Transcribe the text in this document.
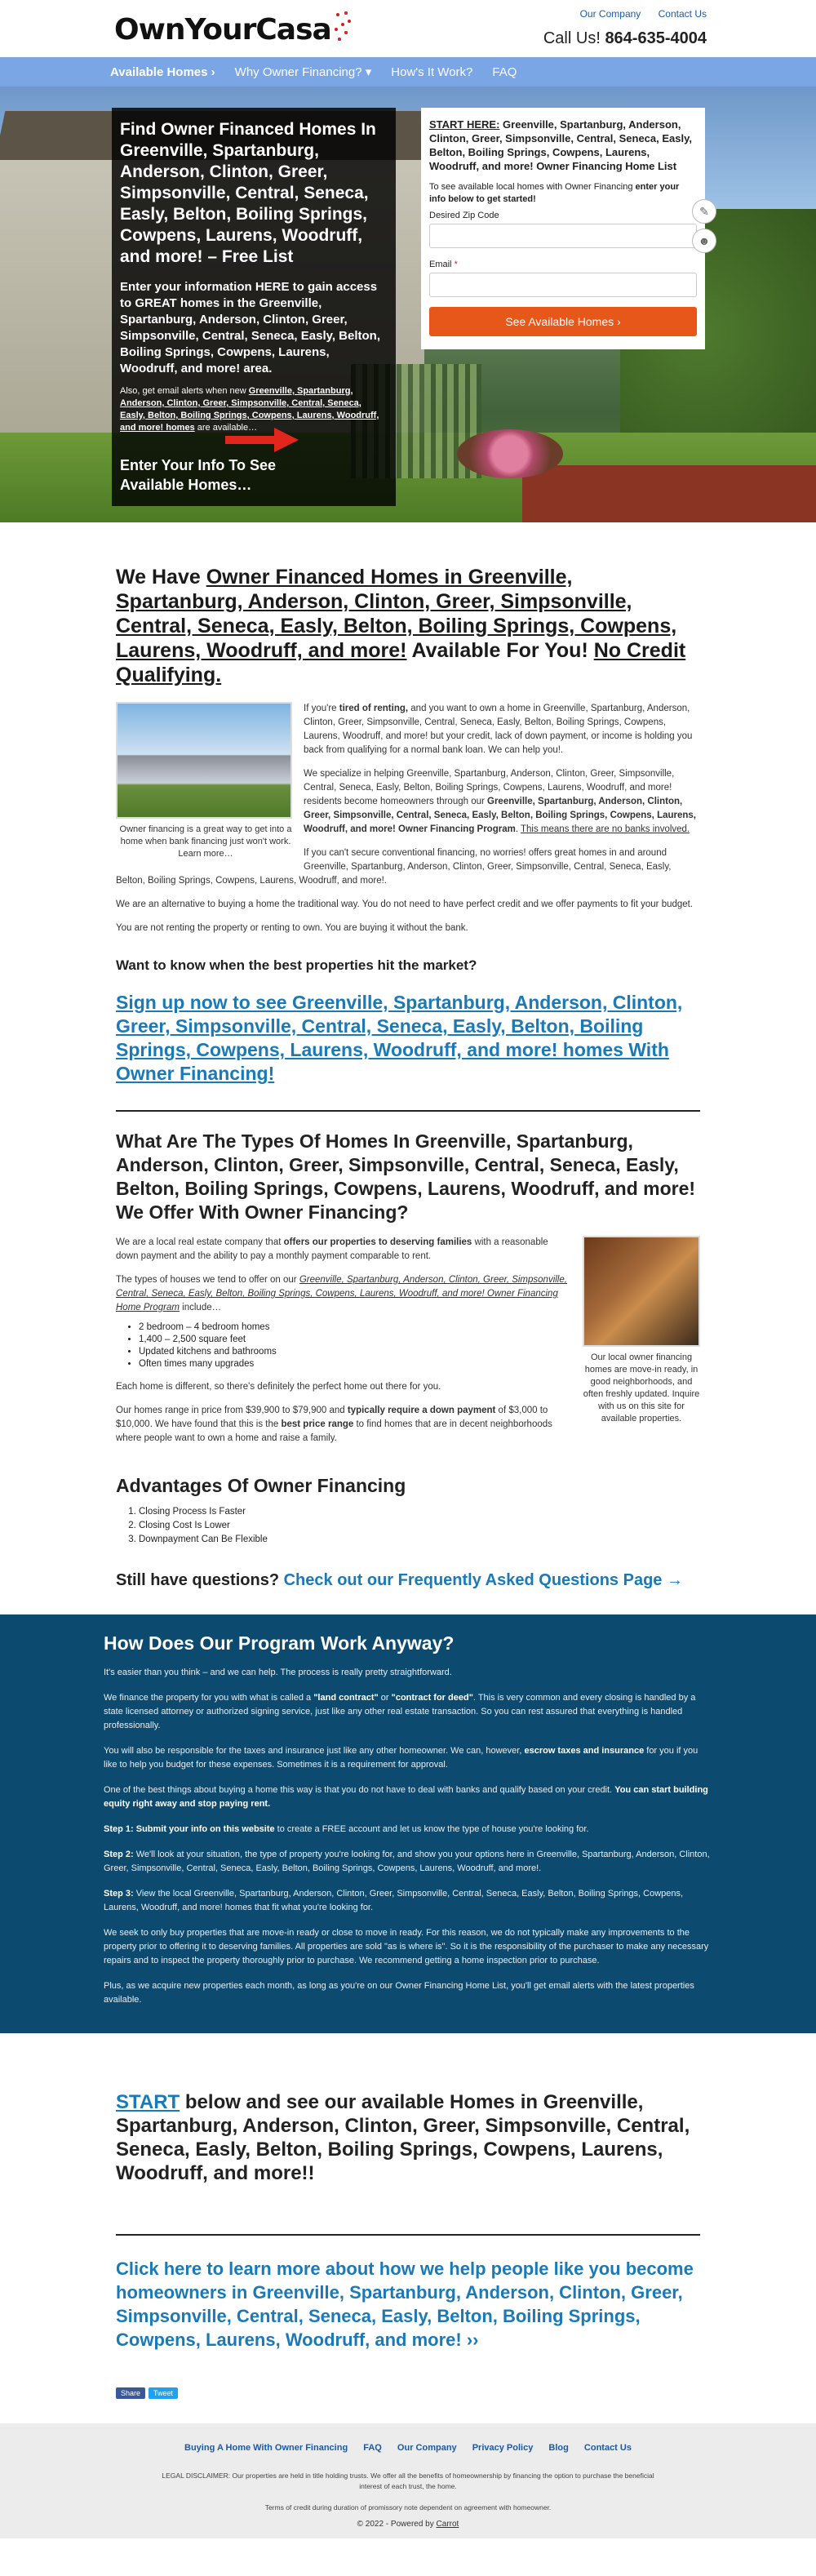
OwnYourCasa	Our Company Contact Us
Call Us! 864-635-4004
Available Homes › Why Owner Financing? ▾ How's It Work? FAQ
Find Owner Financed Homes In Greenville, Spartanburg, Anderson, Clinton, Greer, Simpsonville, Central, Seneca, Easly, Belton, Boiling Springs, Cowpens, Laurens, Woodruff, and more! – Free List
Enter your information HERE to gain access to GREAT homes in the Greenville, Spartanburg, Anderson, Clinton, Greer, Simpsonville, Central, Seneca, Easly, Belton, Boiling Springs, Cowpens, Laurens, Woodruff, and more! area.
Also, get email alerts when new Greenville, Spartanburg, Anderson, Clinton, Greer, Simpsonville, Central, Seneca, Easly, Belton, Boiling Springs, Cowpens, Laurens, Woodruff, and more! homes are available…
Enter Your Info To See Available Homes…
START HERE: Greenville, Spartanburg, Anderson, Clinton, Greer, Simpsonville, Central, Seneca, Easly, Belton, Boiling Springs, Cowpens, Laurens, Woodruff, and more! Owner Financing Home List
To see available local homes with Owner Financing enter your info below to get started!
Desired Zip Code
Email *
See Available Homes ›
✎
☻
We Have Owner Financed Homes in Greenville, Spartanburg, Anderson, Clinton, Greer, Simpsonville, Central, Seneca, Easly, Belton, Boiling Springs, Cowpens, Laurens, Woodruff, and more! Available For You! No Credit Qualifying.
Owner financing is a great way to get into a home when bank financing just won't work. Learn more…
If you're tired of renting, and you want to own a home in Greenville, Spartanburg, Anderson, Clinton, Greer, Simpsonville, Central, Seneca, Easly, Belton, Boiling Springs, Cowpens, Laurens, Woodruff, and more! but your credit, lack of down payment, or income is holding you back from qualifying for a normal bank loan. We can help you!.
We specialize in helping Greenville, Spartanburg, Anderson, Clinton, Greer, Simpsonville, Central, Seneca, Easly, Belton, Boiling Springs, Cowpens, Laurens, Woodruff, and more! residents become homeowners through our Greenville, Spartanburg, Anderson, Clinton, Greer, Simpsonville, Central, Seneca, Easly, Belton, Boiling Springs, Cowpens, Laurens, Woodruff, and more! Owner Financing Program. This means there are no banks involved.
If you can't secure conventional financing, no worries! offers great homes in and around Greenville, Spartanburg, Anderson, Clinton, Greer, Simpsonville, Central, Seneca, Easly, Belton, Boiling Springs, Cowpens, Laurens, Woodruff, and more!.
We are an alternative to buying a home the traditional way. You do not need to have perfect credit and we offer payments to fit your budget.
You are not renting the property or renting to own. You are buying it without the bank.
Want to know when the best properties hit the market?
Sign up now to see Greenville, Spartanburg, Anderson, Clinton, Greer, Simpsonville, Central, Seneca, Easly, Belton, Boiling Springs, Cowpens, Laurens, Woodruff, and more! homes With Owner Financing!
What Are The Types Of Homes In Greenville, Spartanburg, Anderson, Clinton, Greer, Simpsonville, Central, Seneca, Easly, Belton, Boiling Springs, Cowpens, Laurens, Woodruff, and more! We Offer With Owner Financing?
Our local owner financing homes are move-in ready, in good neighborhoods, and often freshly updated. Inquire with us on this site for available properties.
We are a local real estate company that offers our properties to deserving families with a reasonable down payment and the ability to pay a monthly payment comparable to rent.
The types of houses we tend to offer on our Greenville, Spartanburg, Anderson, Clinton, Greer, Simpsonville, Central, Seneca, Easly, Belton, Boiling Springs, Cowpens, Laurens, Woodruff, and more! Owner Financing Home Program include…
• 2 bedroom – 4 bedroom homes
• 1,400 – 2,500 square feet
• Updated kitchens and bathrooms
• Often times many upgrades
Each home is different, so there's definitely the perfect home out there for you.
Our homes range in price from $39,900 to $79,900 and typically require a down payment of $3,000 to $10,000. We have found that this is the best price range to find homes that are in decent neighborhoods where people want to own a home and raise a family.
Advantages Of Owner Financing
1. Closing Process Is Faster
2. Closing Cost Is Lower
3. Downpayment Can Be Flexible
Still have questions? Check out our Frequently Asked Questions Page →
How Does Our Program Work Anyway?
It's easier than you think – and we can help. The process is really pretty straightforward.
We finance the property for you with what is called a "land contract" or "contract for deed". This is very common and every closing is handled by a state licensed attorney or authorized signing service, just like any other real estate transaction. So you can rest assured that everything is handled professionally.
You will also be responsible for the taxes and insurance just like any other homeowner. We can, however, escrow taxes and insurance for you if you like to help you budget for these expenses. Sometimes it is a requirement for approval.
One of the best things about buying a home this way is that you do not have to deal with banks and qualify based on your credit. You can start building equity right away and stop paying rent.
Step 1: Submit your info on this website to create a FREE account and let us know the type of house you're looking for.
Step 2: We'll look at your situation, the type of property you're looking for, and show you your options here in Greenville, Spartanburg, Anderson, Clinton, Greer, Simpsonville, Central, Seneca, Easly, Belton, Boiling Springs, Cowpens, Laurens, Woodruff, and more!.
Step 3: View the local Greenville, Spartanburg, Anderson, Clinton, Greer, Simpsonville, Central, Seneca, Easly, Belton, Boiling Springs, Cowpens, Laurens, Woodruff, and more! homes that fit what you're looking for.
We seek to only buy properties that are move-in ready or close to move in ready. For this reason, we do not typically make any improvements to the property prior to offering it to deserving families. All properties are sold "as is where is". So it is the responsibility of the purchaser to make any necessary repairs and to inspect the property thoroughly prior to purchase. We recommend getting a home inspection prior to purchase.
Plus, as we acquire new properties each month, as long as you're on our Owner Financing Home List, you'll get email alerts with the latest properties available.
START below and see our available Homes in Greenville, Spartanburg, Anderson, Clinton, Greer, Simpsonville, Central, Seneca, Easly, Belton, Boiling Springs, Cowpens, Laurens, Woodruff, and more!!
Click here to learn more about how we help people like you become homeowners in Greenville, Spartanburg, Anderson, Clinton, Greer, Simpsonville, Central, Seneca, Easly, Belton, Boiling Springs, Cowpens, Laurens, Woodruff, and more! ››
Share	Tweet
Buying A Home With Owner Financing FAQ Our Company Privacy Policy Blog Contact Us
LEGAL DISCLAIMER: Our properties are held in title holding trusts. We offer all the benefits of homeownership by financing the option to purchase the beneficial interest of each trust, the home.
Terms of credit during duration of promissory note dependent on agreement with homeowner.
© 2022 - Powered by Carrot
